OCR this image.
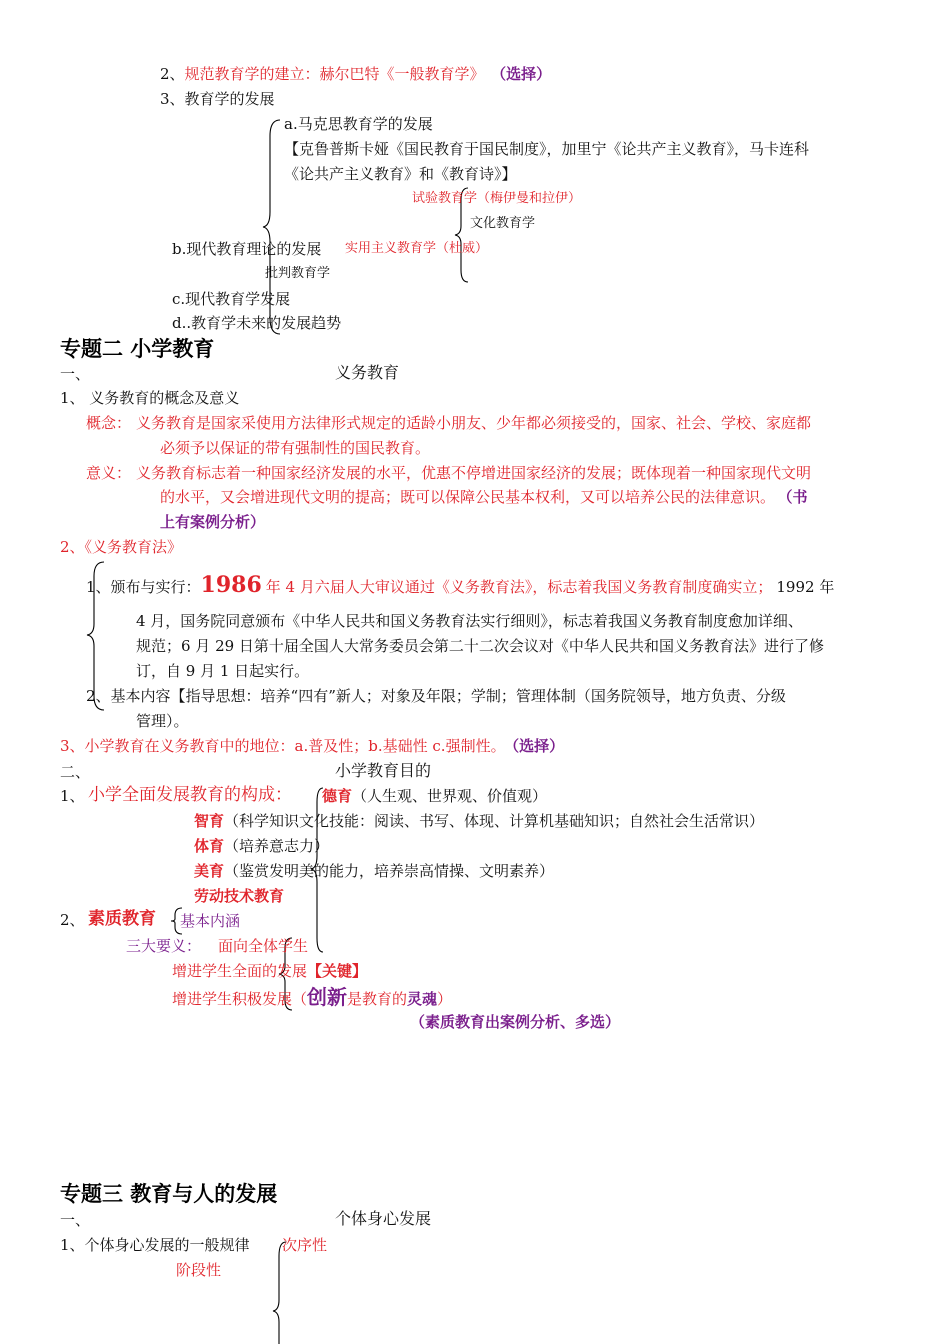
2、规范教育学的建立：赫尔巴特《一般教育学》 （选择）
3、教育学的发展
a.马克思教育学的发展
【克鲁普斯卡娅《国民教育于国民制度》，加里宁《论共产主义教育》，马卡连科
《论共产主义教育》和《教育诗》】
试验教育学（梅伊曼和拉伊）
文化教育学
b.现代教育理论的发展 实用主义教育学（杜威）
批判教育学
c.现代教育学发展
d..教育学未来的发展趋势
专题二 小学教育
一、	义务教育
1、 义务教育的概念及意义
概念： 义务教育是国家采使用方法律形式规定的适龄小朋友、少年都必须接受的，国家、社会、学校、家庭都
必须予以保证的带有强制性的国民教育。
意义： 义务教育标志着一种国家经济发展的水平，优惠不停增进国家经济的发展；既体现着一种国家现代文明
的水平，又会增进现代文明的提高；既可以保障公民基本权利，又可以培养公民的法律意识。 （书
上有案例分析）
2、《义务教育法》
1、颁布与实行：1986 年 4 月六届人大审议通过《义务教育法》，标志着我国义务教育制度确实立； 1992 年
4 月，国务院同意颁布《中华人民共和国义务教育法实行细则》，标志着我国义务教育制度愈加详细、
规范；6 月 29 日第十届全国人大常务委员会第二十二次会议对《中华人民共和国义务教育法》进行了修
订，自 9 月 1 日起实行。
2、基本内容【指导思想：培养“四有”新人；对象及年限；学制；管理体制（国务院领导，地方负责、分级
管理）。
3、小学教育在义务教育中的地位：a.普及性；b.基础性 c.强制性。 （选择）
二、	小学教育目的
1、 小学全面发展教育的构成： 德育（人生观、世界观、价值观）
智育（科学知识文化技能：阅读、书写、体现、计算机基础知识；自然社会生活常识）
体育（培养意志力）
美育（鉴赏发明美的能力，培养崇高情操、文明素养）
劳动技术教育
2、 素质教育 基本内涵
三大要义： 面向全体学生
增进学生全面的发展【关键】
增进学生积极发展（创新是教育的灵魂）
（素质教育出案例分析、多选）
专题三 教育与人的发展
一、	个体身心发展
1、个体身心发展的一般规律 次序性
阶段性
